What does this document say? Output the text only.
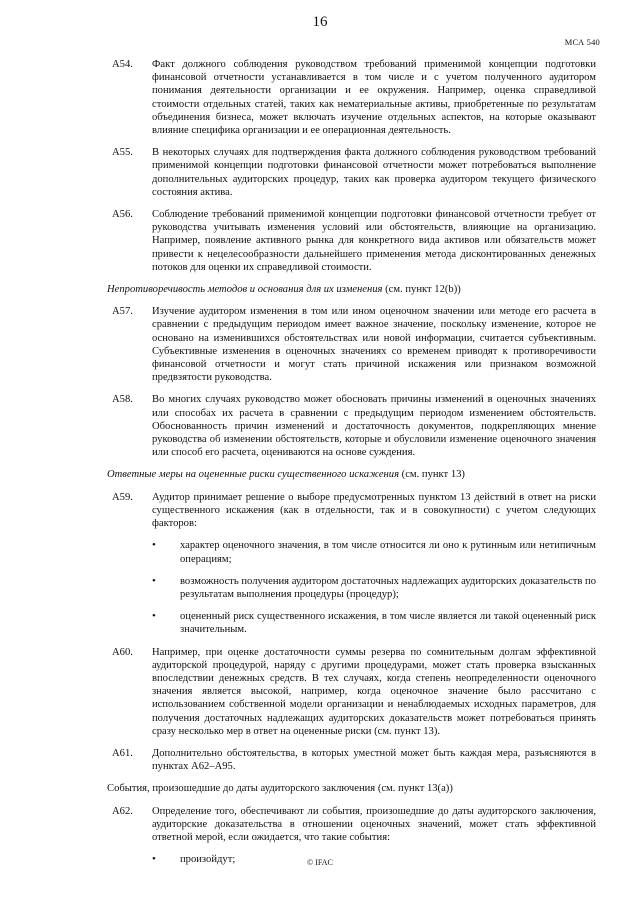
16
МСА 540
A54.	Факт должного соблюдения руководством требований применимой концепции подготовки финансовой отчетности устанавливается в том числе и с учетом полученного аудитором понимания деятельности организации и ее окружения. Например, оценка справедливой стоимости отдельных статей, таких как нематериальные активы, приобретенные по результатам объединения бизнеса, может включать изучение отдельных аспектов, на которые оказывают влияние специфика организации и ее операционная деятельность.
A55.	В некоторых случаях для подтверждения факта должного соблюдения руководством требований применимой концепции подготовки финансовой отчетности может потребоваться выполнение дополнительных аудиторских процедур, таких как проверка аудитором текущего физического состояния актива.
A56.	Соблюдение требований применимой концепции подготовки финансовой отчетности требует от руководства учитывать изменения условий или обстоятельств, влияющие на организацию. Например, появление активного рынка для конкретного вида активов или обязательств может привести к нецелесообразности дальнейшего применения метода дисконтированных денежных потоков для оценки их справедливой стоимости.
Непротиворечивость методов и основания для их изменения (см. пункт 12(b))
A57.	Изучение аудитором изменения в том или ином оценочном значении или методе его расчета в сравнении с предыдущим периодом имеет важное значение, поскольку изменение, которое не основано на изменившихся обстоятельствах или новой информации, считается субъективным. Субъективные изменения в оценочных значениях со временем приводят к противоречивости финансовой отчетности и могут стать причиной искажения или признаком возможной предвзятости руководства.
A58.	Во многих случаях руководство может обосновать причины изменений в оценочных значениях или способах их расчета в сравнении с предыдущим периодом изменением обстоятельств. Обоснованность причин изменений и достаточность документов, подкрепляющих мнение руководства об изменении обстоятельств, которые и обусловили изменение оценочного значения или способ его расчета, оцениваются на основе суждения.
Ответные меры на оцененные риски существенного искажения (см. пункт 13)
A59.	Аудитор принимает решение о выборе предусмотренных пунктом 13 действий в ответ на риски существенного искажения (как в отдельности, так и в совокупности) с учетом следующих факторов:
•	характер оценочного значения, в том числе относится ли оно к рутинным или нетипичным операциям;
•	возможность получения аудитором достаточных надлежащих аудиторских доказательств по результатам выполнения процедуры (процедур);
•	оцененный риск существенного искажения, в том числе является ли такой оцененный риск значительным.
A60.	Например, при оценке достаточности суммы резерва по сомнительным долгам эффективной аудиторской процедурой, наряду с другими процедурами, может стать проверка взысканных впоследствии денежных средств. В тех случаях, когда степень неопределенности оценочного значения является высокой, например, когда оценочное значение было рассчитано с использованием собственной модели организации и ненаблюдаемых исходных параметров, для получения достаточных надлежащих аудиторских доказательств может потребоваться принять сразу несколько мер в ответ на оцененные риски (см. пункт 13).
A61.	Дополнительно обстоятельства, в которых уместной может быть каждая мера, разъясняются в пунктах А62–А95.
События, произошедшие до даты аудиторского заключения (см. пункт 13(а))
A62.	Определение того, обеспечивают ли события, произошедшие до даты аудиторского заключения, аудиторские доказательства в отношении оценочных значений, может стать эффективной ответной мерой, если ожидается, что такие события:
•	произойдут;	© IFAC
